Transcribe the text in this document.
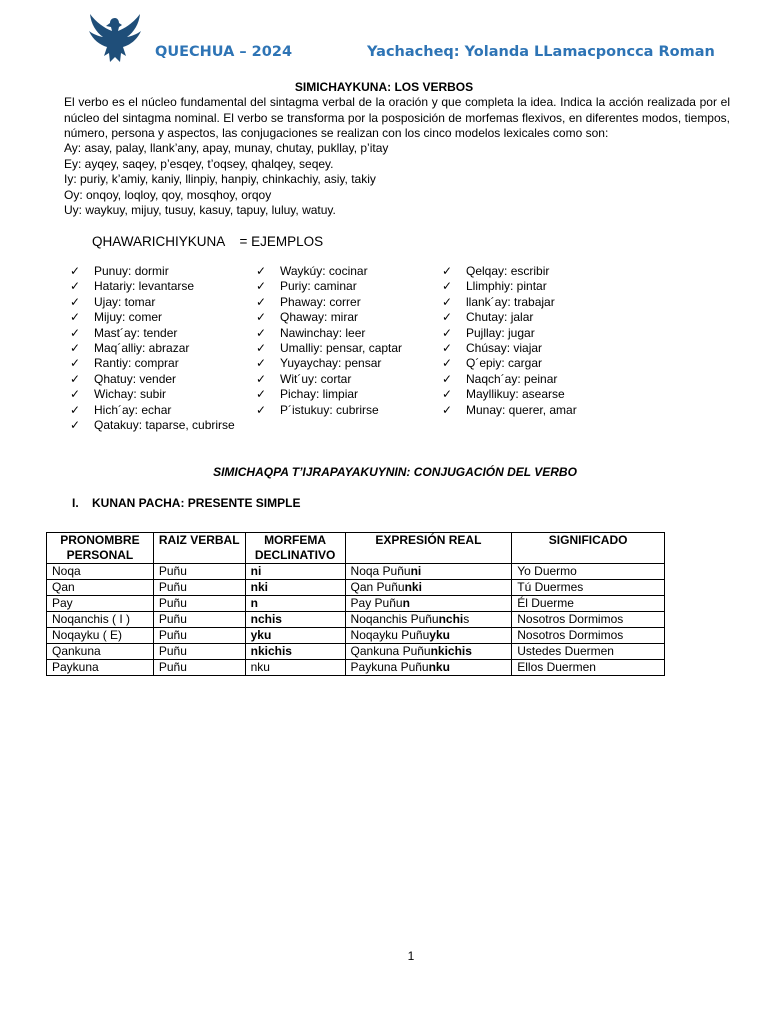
QUECHUA – 2024	Yachacheq: Yolanda LLamacponcca Roman
SIMICHAYKUNA: LOS VERBOS

El verbo es el núcleo fundamental del sintagma verbal de la oración y que completa la idea. Indica la acción realizada por el núcleo del sintagma nominal. El verbo se transforma por la posposición de morfemas flexivos, en diferentes modos, tiempos, número, persona y aspectos, las conjugaciones se realizan con los cinco modelos lexicales como son:

Ay: asay, palay, llank’any, apay, munay, chutay, pukllay, p’itay
Ey: ayqey, saqey, p’esqey, t’oqsey, qhalqey, seqey.
Iy: puriy, k’amiy, kaniy, llinpiy, hanpiy, chinkachiy, asiy, takiy
Oy: onqoy, loqloy, qoy, mosqhoy, orqoy
Uy: waykuy, mijuy, tusuy, kasuy, tapuy, luluy, watuy.
QHAWARICHIYKUNA    = EJEMPLOS
✓ Punuy: dormir
✓ Hatariy: levantarse
✓ Ujay: tomar
✓ Mijuy: comer
✓ Mast´ay: tender
✓ Maq´alliy: abrazar
✓ Rantiy: comprar
✓ Qhatuy: vender
✓ Wichay: subir
✓ Hich´ay: echar
✓ Qatakuy: taparse, cubrirse
✓ Waykúy: cocinar
✓ Puriy: caminar
✓ Phaway: correr
✓ Qhaway: mirar
✓ Nawinchay: leer
✓ Umalliy: pensar, captar
✓ Yuyaychay: pensar
✓ Wit´uy: cortar
✓ Pichay: limpiar
✓ P´istukuy: cubrirse
✓ Qelqay: escribir
✓ Llimphiy: pintar
✓ llank´ay: trabajar
✓ Chutay: jalar
✓ Pujllay: jugar
✓ Chúsay: viajar
✓ Q´epiy: cargar
✓ Naqch´ay: peinar
✓ Mayllikuy: asearse
✓ Munay: querer, amar
SIMICHAQPA T’IJRAPAYAKUYNIN: CONJUGACIÓN DEL VERBO
I.    KUNAN PACHA: PRESENTE SIMPLE
PRONOMBRE PERSONAL	RAIZ VERBAL	MORFEMA DECLINATIVO	EXPRESIÓN REAL	SIGNIFICADO
Noqa	Puñu	ni	Noqa Puñuni	Yo Duermo
Qan	Puñu	nki	Qan Puñunki	Tú Duermes
Pay	Puñu	n	Pay Puñun	Él Duerme
Noqanchis ( I )	Puñu	nchis	Noqanchis Puñunchis	Nosotros Dormimos
Noqayku ( E)	Puñu	yku	Noqayku Puñuyku	Nosotros Dormimos
Qankuna	Puñu	nkichis	Qankuna Puñunkichis	Ustedes Duermen
Paykuna	Puñu	nku	Paykuna Puñunku	Ellos Duermen
1
